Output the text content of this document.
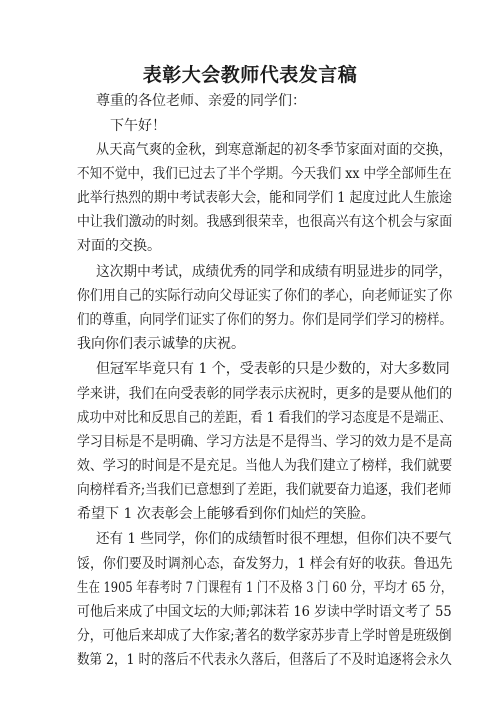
表彰大会教师代表发言稿
尊重的各位老师、亲爱的同学们：
下午好！
从天高气爽的金秋，到寒意渐起的初冬季节家面对面的交换，
不知不觉中，我们已过去了半个学期。今天我们 xx 中学全部师生在
此举行热烈的期中考试表彰大会，能和同学们 1 起度过此人生旅途
中让我们激动的时刻。我感到很荣幸，也很高兴有这个机会与家面
对面的交换。
这次期中考试，成绩优秀的同学和成绩有明显进步的同学，
你们用自己的实际行动向父母证实了你们的孝心，向老师证实了你
们的尊重，向同学们证实了你们的努力。你们是同学们学习的榜样。
我向你们表示诚挚的庆祝。
但冠军毕竟只有 1 个，受表彰的只是少数的，对大多数同
学来讲，我们在向受表彰的同学表示庆祝时，更多的是要从他们的
成功中对比和反思自己的差距，看 1 看我们的学习态度是不是端正、
学习目标是不是明确、学习方法是不是得当、学习的效力是不是高
效、学习的时间是不是充足。当他人为我们建立了榜样，我们就要
向榜样看齐;当我们已意想到了差距，我们就要奋力追逐，我们老师
希望下 1 次表彰会上能够看到你们灿烂的笑脸。
还有 1 些同学，你们的成绩暂时很不理想，但你们决不要气
馁，你们要及时调剂心态，奋发努力，1 样会有好的收获。鲁迅先
生在 1905 年春考时 7 门课程有 1 门不及格 3 门 60 分，平均才 65 分，
可他后来成了中国文坛的大师;郭沫若 16 岁读中学时语文考了 55
分，可他后来却成了大作家;著名的数学家苏步青上学时曾是班级倒
数第 2，1 时的落后不代表永久落后，但落后了不及时追逐将会永久
